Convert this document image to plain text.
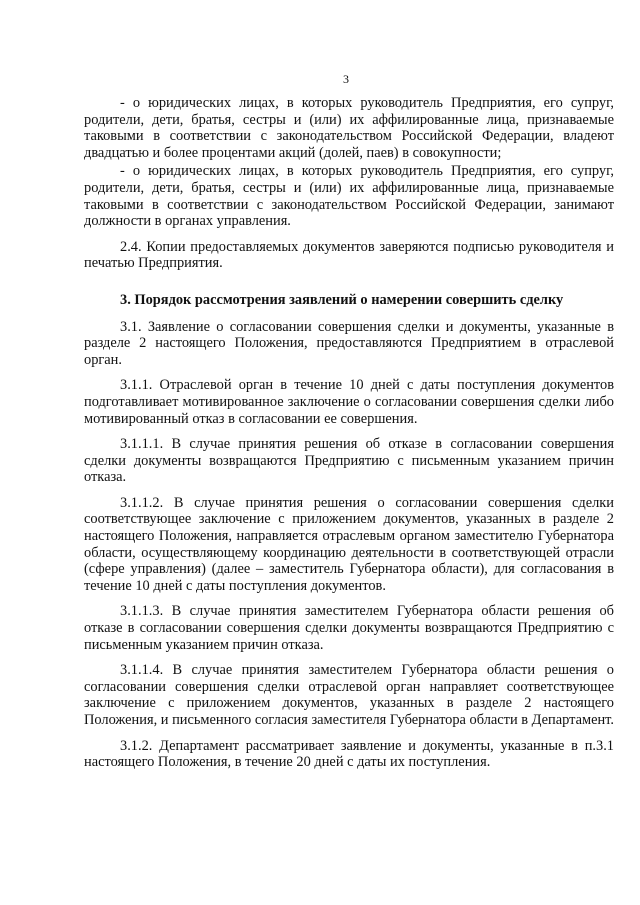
3

- о юридических лицах, в которых руководитель Предприятия, его супруг, родители, дети, братья, сестры и (или) их аффилированные лица, признаваемые таковыми в соответствии с законодательством Российской Федерации, владеют двадцатью и более процентами акций (долей, паев) в совокупности;

- о юридических лицах, в которых руководитель Предприятия, его супруг, родители, дети, братья, сестры и (или) их аффилированные лица, признаваемые таковыми в соответствии с законодательством Российской Федерации, занимают должности в органах управления.

2.4. Копии предоставляемых документов заверяются подписью руководителя и печатью Предприятия.

3. Порядок рассмотрения заявлений о намерении совершить сделку

3.1. Заявление о согласовании совершения сделки и документы, указанные в разделе 2 настоящего Положения, предоставляются Предприятием в отраслевой орган.

3.1.1. Отраслевой орган в течение 10 дней с даты поступления документов подготавливает мотивированное заключение о согласовании совершения сделки либо мотивированный отказ в согласовании ее совершения.

3.1.1.1. В случае принятия решения об отказе в согласовании совершения сделки документы возвращаются Предприятию с письменным указанием причин отказа.

3.1.1.2. В случае принятия решения о согласовании совершения сделки соответствующее заключение с приложением документов, указанных в разделе 2 настоящего Положения, направляется отраслевым органом заместителю Губернатора области, осуществляющему координацию деятельности в соответствующей отрасли (сфере управления) (далее – заместитель Губернатора области), для согласования в течение 10 дней с даты поступления документов.

3.1.1.3. В случае принятия заместителем Губернатора области решения об отказе в согласовании совершения сделки документы возвращаются Предприятию с письменным указанием причин отказа.

3.1.1.4. В случае принятия заместителем Губернатора области решения о согласовании совершения сделки отраслевой орган направляет соответствующее заключение с приложением документов, указанных в разделе 2 настоящего Положения, и письменного согласия заместителя Губернатора области в Департамент.

3.1.2. Департамент рассматривает заявление и документы, указанные в п.3.1 настоящего Положения, в течение 20 дней с даты их поступления.
